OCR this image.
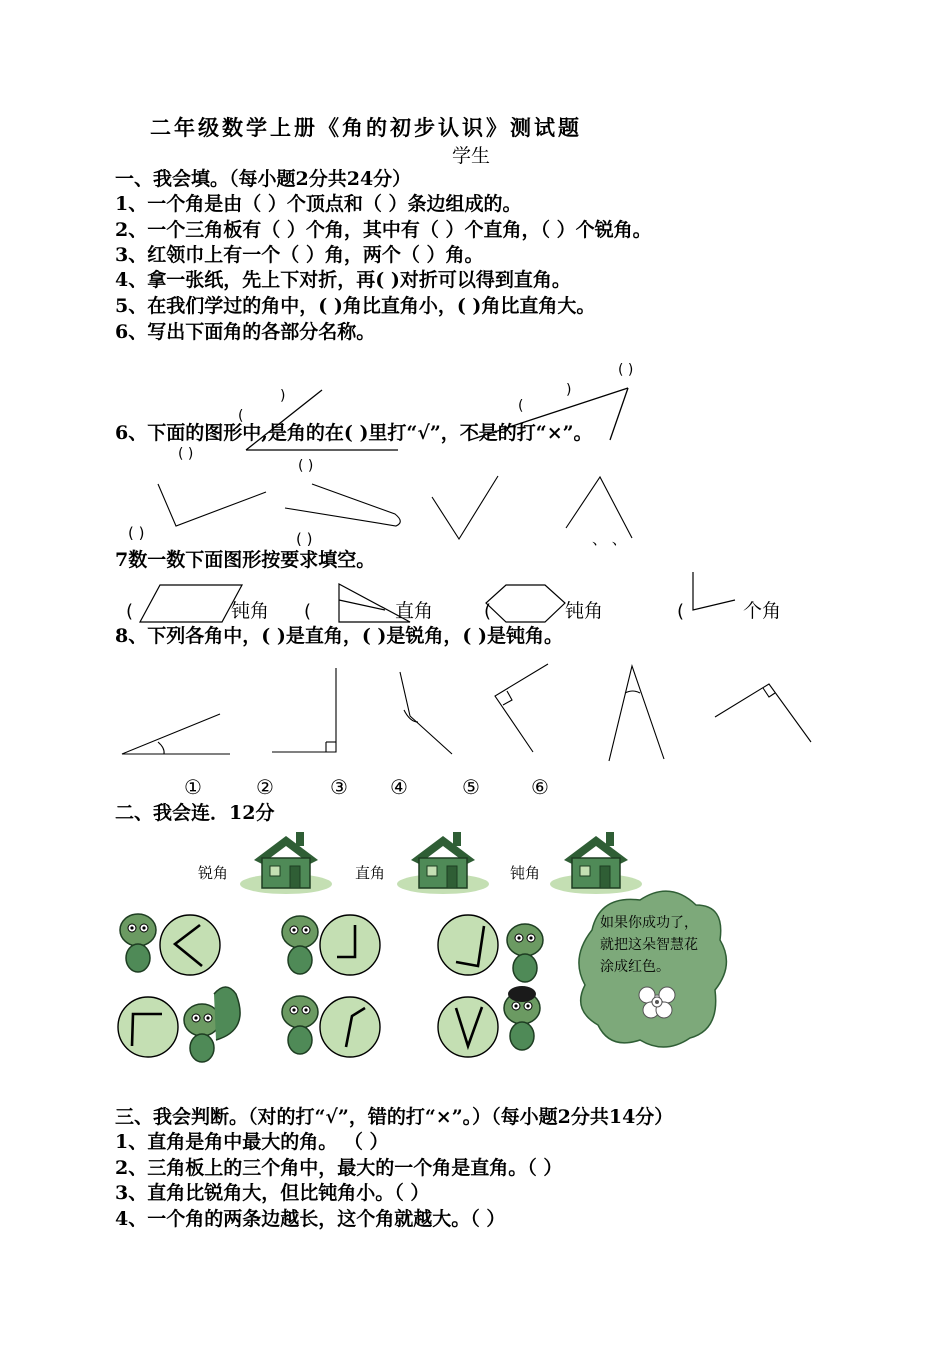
二年级数学上册《角的初步认识》测试题
学生
一、我会填。（每小题2分共24分）
1、一个角是由（ ）个顶点和（ ）条边组成的。
2、一个三角板有（ ）个角，其中有（ ）个直角，（ ）个锐角。
3、红领巾上有一个（ ）角，两个（ ）角。
4、拿一张纸，先上下对折，再( )对折可以得到直角。
5、在我们学过的角中，( )角比直角小，( )角比直角大。
6、写出下面角的各部分名称。
)
(
( )
( )
(
)
( )
6、下面的图形中,是角的在( )里打“√”，不是的打“×”。
( )	( )	、 、
7数一数下面图形按要求填空。
(	(	(	(
钝角	直角	钝角	个角
8、下列各角中，( )是直角，( )是锐角，( )是钝角。
①	②	③ ④	⑤	⑥
二、我会连．12分
锐角	直角	钝角
如果你成功了，就把这朵智慧花涂成红色。
三、我会判断。（对的打“√”，错的打“×”。）（每小题2分共14分）
1、直角是角中最大的角。 （ ）
2、三角板上的三个角中，最大的一个角是直角。（ ）
3、直角比锐角大，但比钝角小。（ ）
4、一个角的两条边越长，这个角就越大。（ ）
